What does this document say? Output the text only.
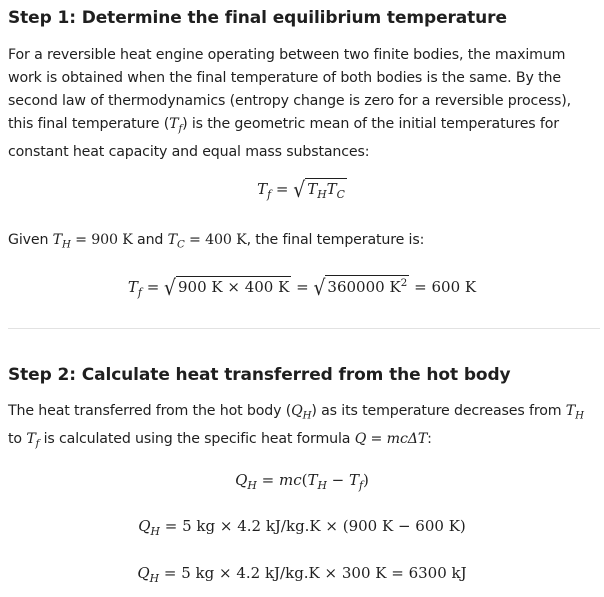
Step 1: Determine the final equilibrium temperature

For a reversible heat engine operating between two finite bodies, the maximum work is obtained when the final temperature of both bodies is the same. By the second law of thermodynamics (entropy change is zero for a reversible process), this final temperature $(T_f)$ is the geometric mean of the initial temperatures for constant heat capacity and equal mass substances:

$T_f$ = √ $T_HT_C$

Given $T_H = 900$ K and $T_C = 400$ K, the final temperature is:

$T_f$ = √ 900 K × 400 K = √ 360000 $K^2 = 600$ K
Step 2: Calculate heat transferred from the hot body

The heat transferred from the hot body $(Q_H)$ as its temperature decreases from $T_H$ to $T_f$ is calculated using the specific heat formula Q = mcΔT:

$Q_H = mc(T_H - T_f)$
$Q_H = 5$ kg × 4.2 kJ/kg.K × (900 K − 600 K)
$Q_H = 5$ kg × 4.2 kJ/kg.K × 300 K = 6300 kJ
